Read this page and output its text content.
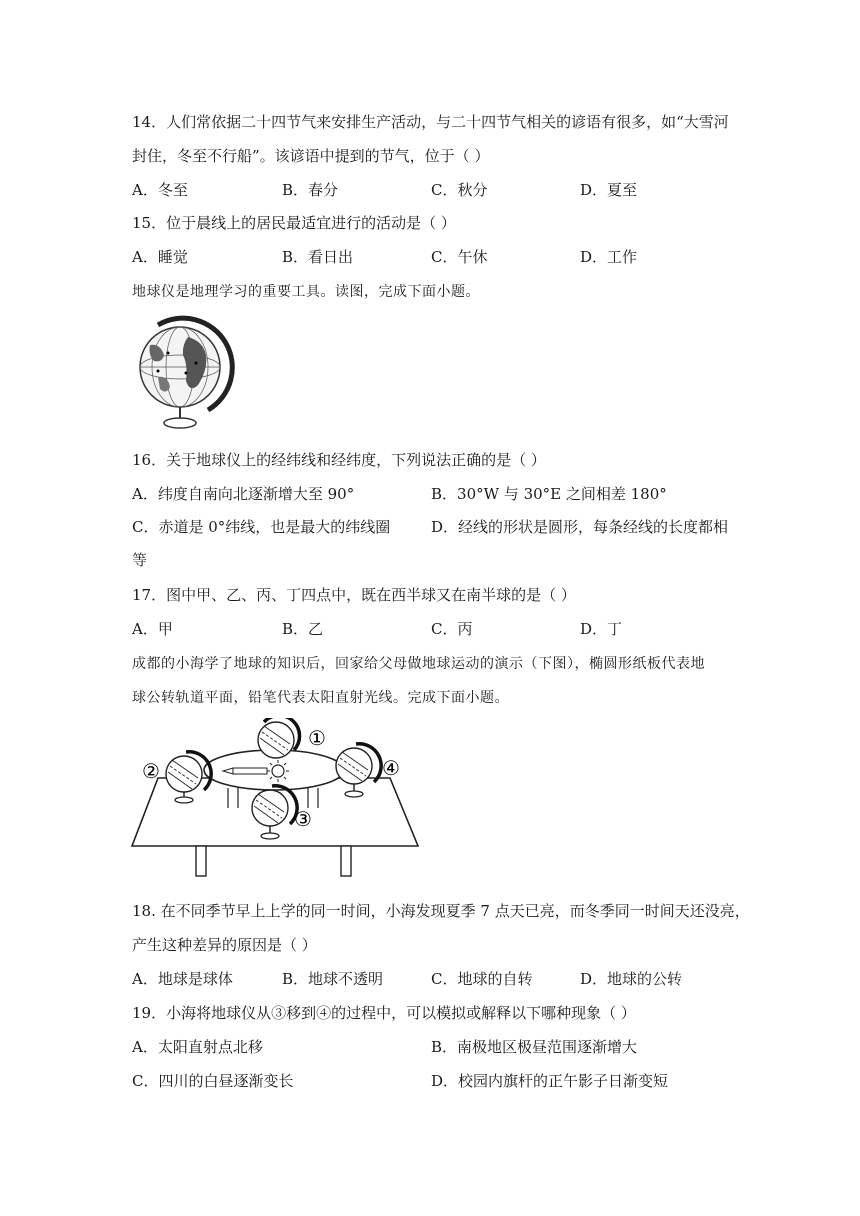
14．人们常依据二十四节气来安排生产活动，与二十四节气相关的谚语有很多，如“大雪河
封住，冬至不行船”。该谚语中提到的节气，位于（ ）
A．冬至	B．春分	C．秋分	D．夏至
15．位于晨线上的居民最适宜进行的活动是（ ）
A．睡觉	B．看日出	C．午休	D．工作
地球仪是地理学习的重要工具。读图，完成下面小题。
16．关于地球仪上的经纬线和经纬度，下列说法正确的是（ ）
A．纬度自南向北逐渐增大至 90°	B．30°W 与 30°E 之间相差 180°
C．赤道是 0°纬线，也是最大的纬线圈	D．经线的形状是圆形，每条经线的长度都相
等
17．图中甲、乙、丙、丁四点中，既在西半球又在南半球的是（ ）
A．甲	B．乙	C．丙	D．丁
成都的小海学了地球的知识后，回家给父母做地球运动的演示（下图），椭圆形纸板代表地
球公转轨道平面，铅笔代表太阳直射光线。完成下面小题。
①
②
③
④
18. 在不同季节早上上学的同一时间，小海发现夏季 7 点天已亮，而冬季同一时间天还没亮，
产生这种差异的原因是（ ）
A．地球是球体	B．地球不透明	C．地球的自转	D．地球的公转
19．小海将地球仪从③移到④的过程中，可以模拟或解释以下哪种现象（ ）
A．太阳直射点北移	B．南极地区极昼范围逐渐增大
C．四川的白昼逐渐变长	D．校园内旗杆的正午影子日渐变短
